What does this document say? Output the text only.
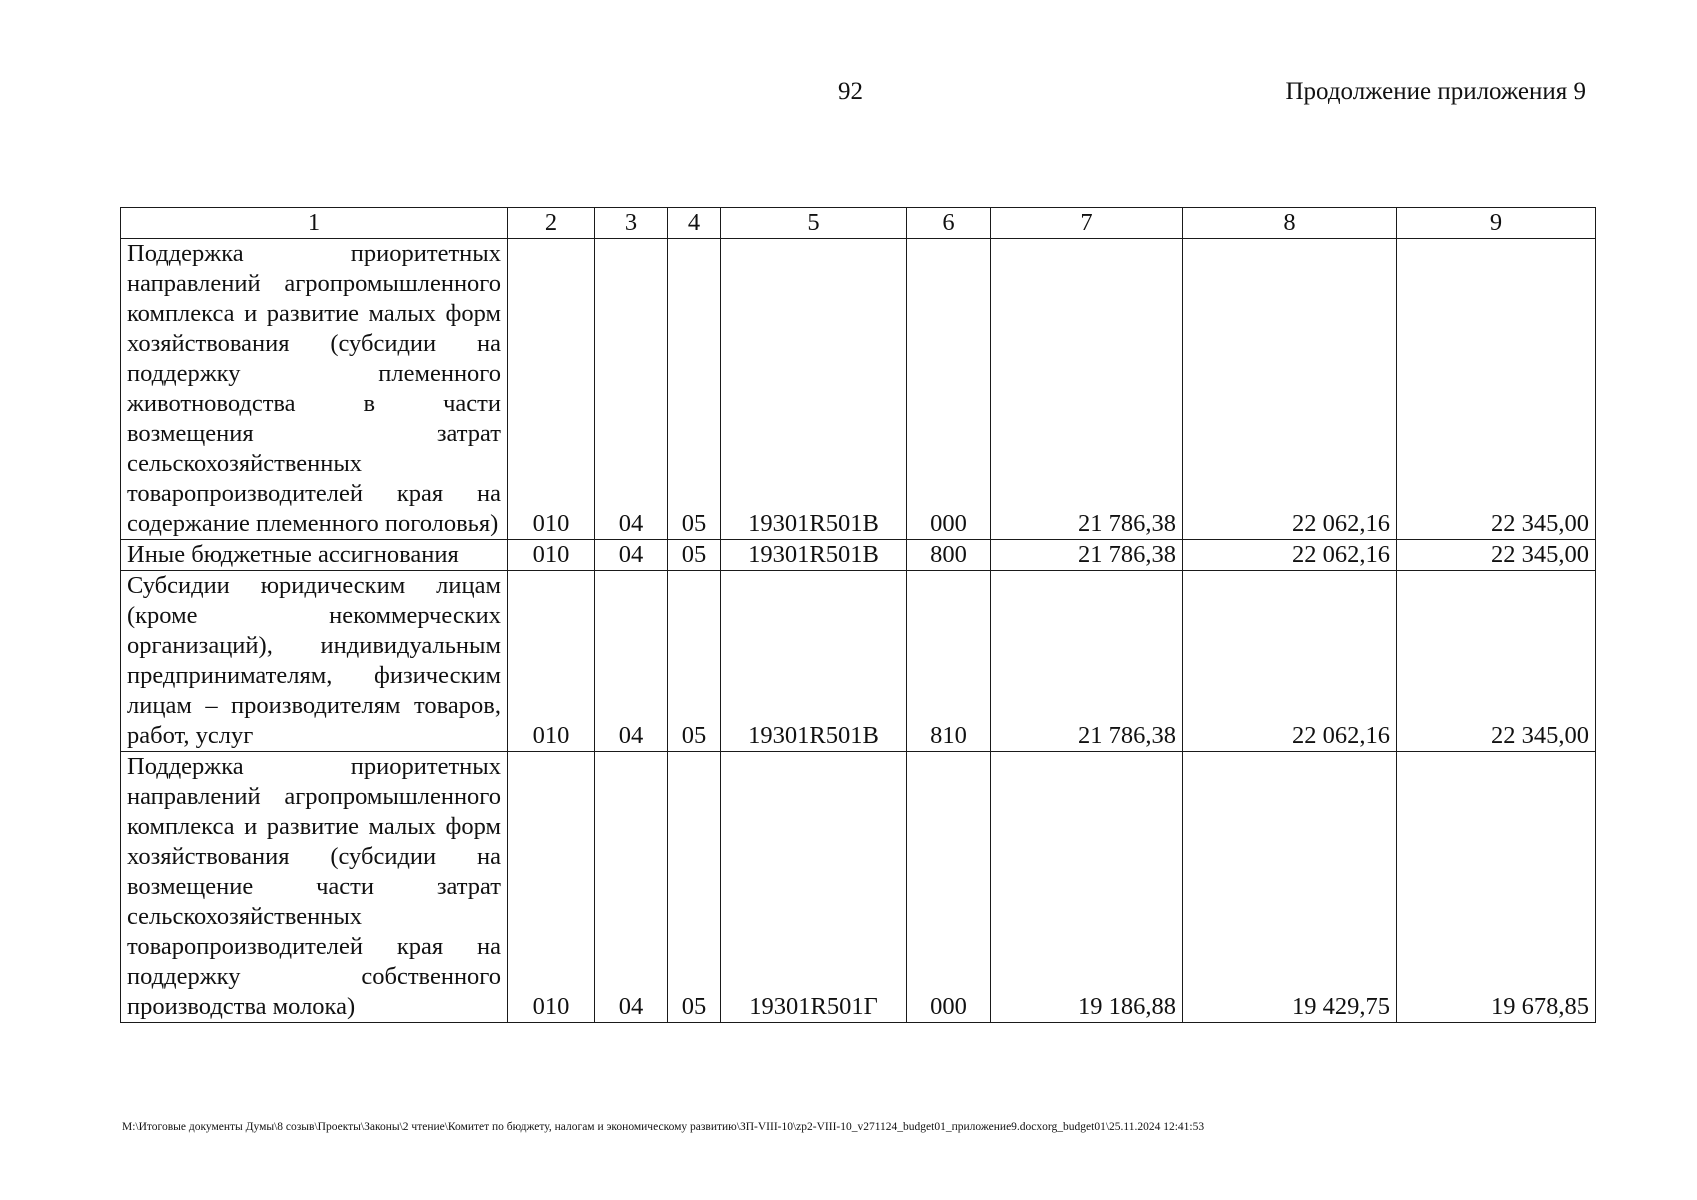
92	Продолжение приложения 9
1	2	3	4	5	6	7	8	9
Поддержка приоритетных направлений агропромышленного комплекса и развитие малых форм хозяйствования (субсидии на поддержку племенного животноводства в части возмещения затрат сельскохозяйственных товаропроизводителей края на содержание племенного поголовья)	010	04	05	19301R501В	000	21 786,38	22 062,16	22 345,00
Иные бюджетные ассигнования	010	04	05	19301R501В	800	21 786,38	22 062,16	22 345,00
Субсидии юридическим лицам (кроме некоммерческих организаций), индивидуальным предпринимателям, физическим лицам – производителям товаров, работ, услуг	010	04	05	19301R501В	810	21 786,38	22 062,16	22 345,00
Поддержка приоритетных направлений агропромышленного комплекса и развитие малых форм хозяйствования (субсидии на возмещение части затрат сельскохозяйственных товаропроизводителей края на поддержку собственного производства молока)	010	04	05	19301R501Г	000	19 186,88	19 429,75	19 678,85
М:\Итоговые документы Думы\8 созыв\Проекты\Законы\2 чтение\Комитет по бюджету, налогам и экономическому развитию\ЗП-VIII-10\zp2-VIII-10_v271124_budget01_приложение9.docxorg_budget01\25.11.2024 12:41:53
